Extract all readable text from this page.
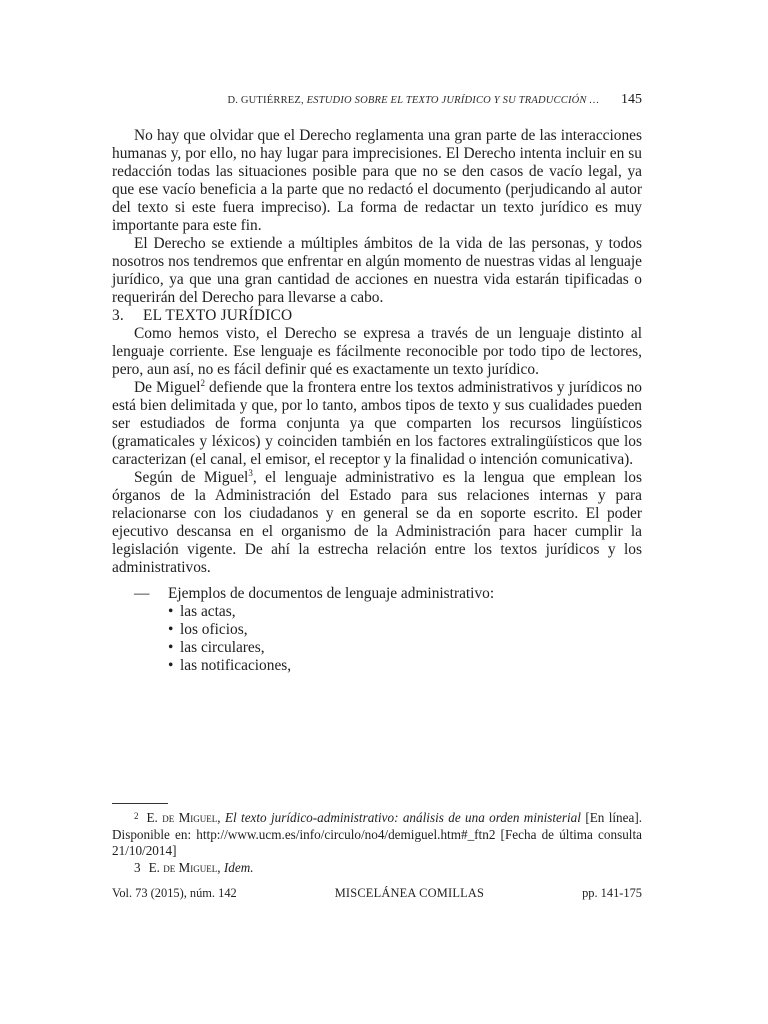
D. GUTIÉRREZ, ESTUDIO SOBRE EL TEXTO JURÍDICO Y SU TRADUCCIÓN … 145

No hay que olvidar que el Derecho reglamenta una gran parte de las interacciones humanas y, por ello, no hay lugar para imprecisiones. El Derecho intenta incluir en su redacción todas las situaciones posible para que no se den casos de vacío legal, ya que ese vacío beneficia a la parte que no redactó el documento (perjudicando al autor del texto si este fuera impreciso). La forma de redactar un texto jurídico es muy importante para este fin.

El Derecho se extiende a múltiples ámbitos de la vida de las personas, y todos nosotros nos tendremos que enfrentar en algún momento de nuestras vidas al lenguaje jurídico, ya que una gran cantidad de acciones en nuestra vida estarán tipificadas o requerirán del Derecho para llevarse a cabo.

3. EL TEXTO JURÍDICO

Como hemos visto, el Derecho se expresa a través de un lenguaje distinto al lenguaje corriente. Ese lenguaje es fácilmente reconocible por todo tipo de lectores, pero, aun así, no es fácil definir qué es exactamente un texto jurídico.

De Miguel$^2$ defiende que la frontera entre los textos administrativos y jurídicos no está bien delimitada y que, por lo tanto, ambos tipos de texto y sus cualidades pueden ser estudiados de forma conjunta ya que comparten los recursos lingüísticos (gramaticales y léxicos) y coinciden también en los factores extralingüísticos que los caracterizan (el canal, el emisor, el receptor y la finalidad o intención comunicativa).

Según de Miguel$^3$, el lenguaje administrativo es la lengua que emplean los órganos de la Administración del Estado para sus relaciones internas y para relacionarse con los ciudadanos y en general se da en soporte escrito. El poder ejecutivo descansa en el organismo de la Administración para hacer cumplir la legislación vigente. De ahí la estrecha relación entre los textos jurídicos y los administrativos.

— Ejemplos de documentos de lenguaje administrativo:
• las actas,
• los oficios,
• las circulares,
• las notificaciones,

$^2$ E. de Miguel, El texto jurídico-administrativo: análisis de una orden ministerial [En línea]. Disponible en: http://www.ucm.es/info/circulo/no4/demiguel.htm#_ftn2 [Fecha de última consulta 21/10/2014]

3 E. de Miguel, Idem.

Vol. 73 (2015), núm. 142	MISCELÁNEA COMILLAS	pp. 141-175
